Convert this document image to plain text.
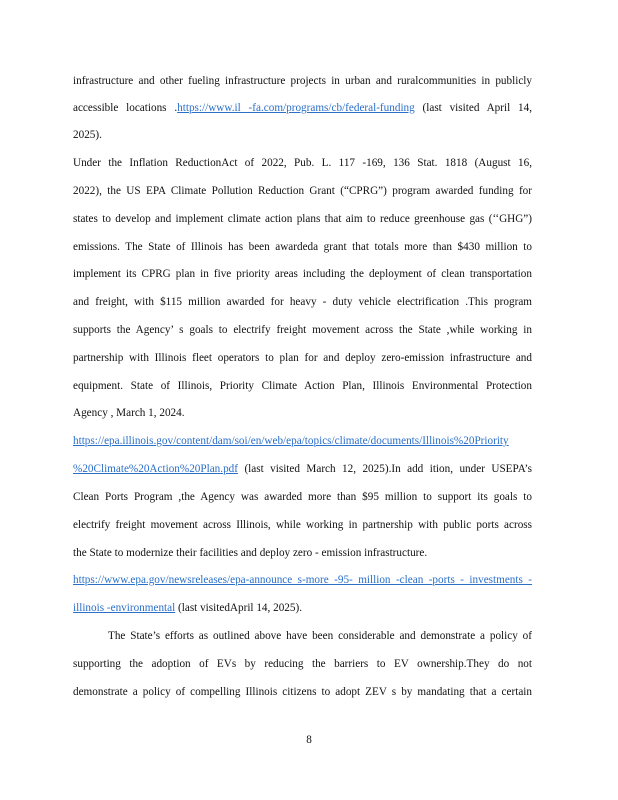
infrastructure and other fueling infrastructure projects in urban and ruralcommunities in publicly
accessible locations .https://www.il -fa.com/programs/cb/federal-funding (last visited April 14,
2025).
Under the Inflation ReductionAct of 2022, Pub. L. 117 -169, 136 Stat. 1818 (August 16,
2022), the US EPA Climate Pollution Reduction Grant (“CPRG”) program awarded funding for
states to develop and implement climate action plans that aim to reduce greenhouse gas (‘‘GHG”)
emissions. The State of Illinois has been awardeda grant that totals more than $430 million to
implement its CPRG plan in five priority areas including the deployment of clean transportation
and freight, with $115 million awarded for heavy - duty vehicle electrification .This program
supports the Agency’ s goals to electrify freight movement across the State ,while working in
partnership with Illinois fleet operators to plan for and deploy zero-emission infrastructure and
equipment. State of Illinois, Priority Climate Action Plan, Illinois Environmental Protection
Agency , March 1, 2024.
https://epa.illinois.gov/content/dam/soi/en/web/epa/topics/climate/documents/Illinois%20Priority
%20Climate%20Action%20Plan.pdf (last visited March 12, 2025).In add ition, under USEPA’s
Clean Ports Program ,the Agency was awarded more than $95 million to support its goals to
electrify freight movement across Illinois, while working in partnership with public ports across
the State to modernize their facilities and deploy zero - emission infrastructure.
https://www.epa.gov/newsreleases/epa-announce s-more -95- million -clean -ports - investments -
illinois -environmental (last visitedApril 14, 2025).
The State’s efforts as outlined above have been considerable and demonstrate a policy of
supporting the adoption of EVs by reducing the barriers to EV ownership.They do not
demonstrate a policy of compelling Illinois citizens to adopt ZEV s by mandating that a certain
8
